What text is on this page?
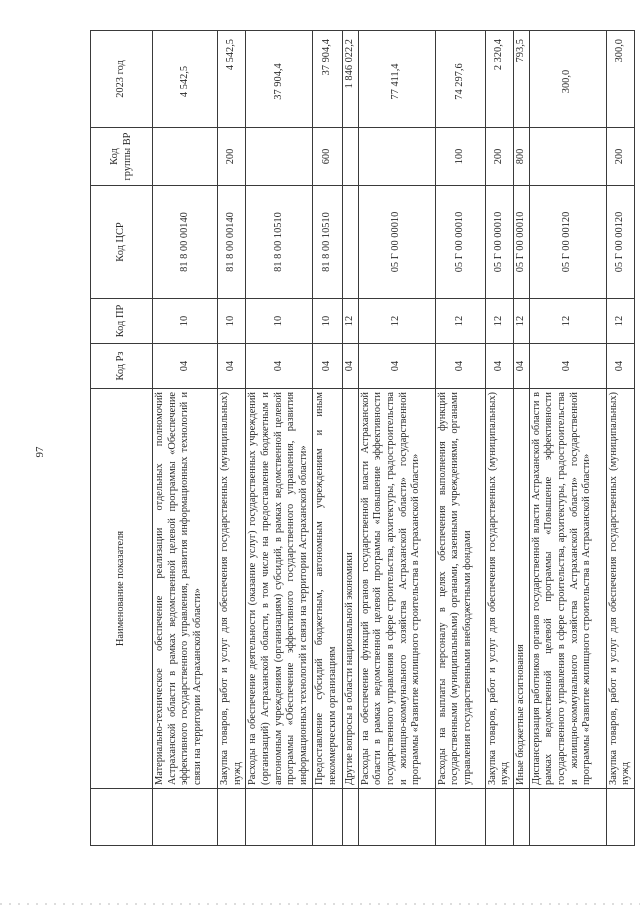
97
	Наименование показателя	Код Рз	Код ПР	Код ЦСР	Код группы ВР	2023 год
	Материально-техническое обеспечение реализации отдельных полномочий Астраханской области в рамках ведомственной целевой программы «Обеспечение эффективного государственного управления, развития информационных технологий и связи на территории Астраханской области»	04	10	81 8 00 00140		4 542,5
	Закупка товаров, работ и услуг для обеспечения государственных (муниципальных) нужд	04	10	81 8 00 00140	200	4 542,5
	Расходы на обеспечение деятельности (оказание услуг) государственных учреждений (организаций) Астраханской области, в том числе на предоставление бюджетным и автономным учреждениям (организациям) субсидий, в рамках ведомственной целевой программы «Обеспечение эффективного государственного управления, развития информационных технологий и связи на территории Астраханской области»	04	10	81 8 00 10510		37 904,4
	Предоставление субсидий бюджетным, автономным учреждениям и иным некоммерческим организациям	04	10	81 8 00 10510	600	37 904,4
	Другие вопросы в области национальной экономики	04	12			1 846 022,2
	Расходы на обеспечение функций органов государственной власти Астраханской области в рамках ведомственной целевой программы «Повышение эффективности государственного управления в сфере строительства, архитектуры, градостроительства и жилищно-коммунального хозяйства Астраханской области» государственной программы «Развитие жилищного строительства в Астраханской области»	04	12	05 Г 00 00010		77 411,4
	Расходы на выплаты персоналу в целях обеспечения выполнения функций государственными (муниципальными) органами, казенными учреждениями, органами управления государственными внебюджетными фондами	04	12	05 Г 00 00010	100	74 297,6
	Закупка товаров, работ и услуг для обеспечения государственных (муниципальных) нужд	04	12	05 Г 00 00010	200	2 320,4
	Иные бюджетные ассигнования	04	12	05 Г 00 00010	800	793,5
	Диспансеризация работников органов государственной власти Астраханской области в рамках ведомственной целевой программы «Повышение эффективности государственного управления в сфере строительства, архитектуры, градостроительства и жилищно-коммунального хозяйства Астраханской области» государственной программы «Развитие жилищного строительства в Астраханской области»	04	12	05 Г 00 00120		300,0
	Закупка товаров, работ и услуг для обеспечения государственных (муниципальных) нужд	04	12	05 Г 00 00120	200	300,0
